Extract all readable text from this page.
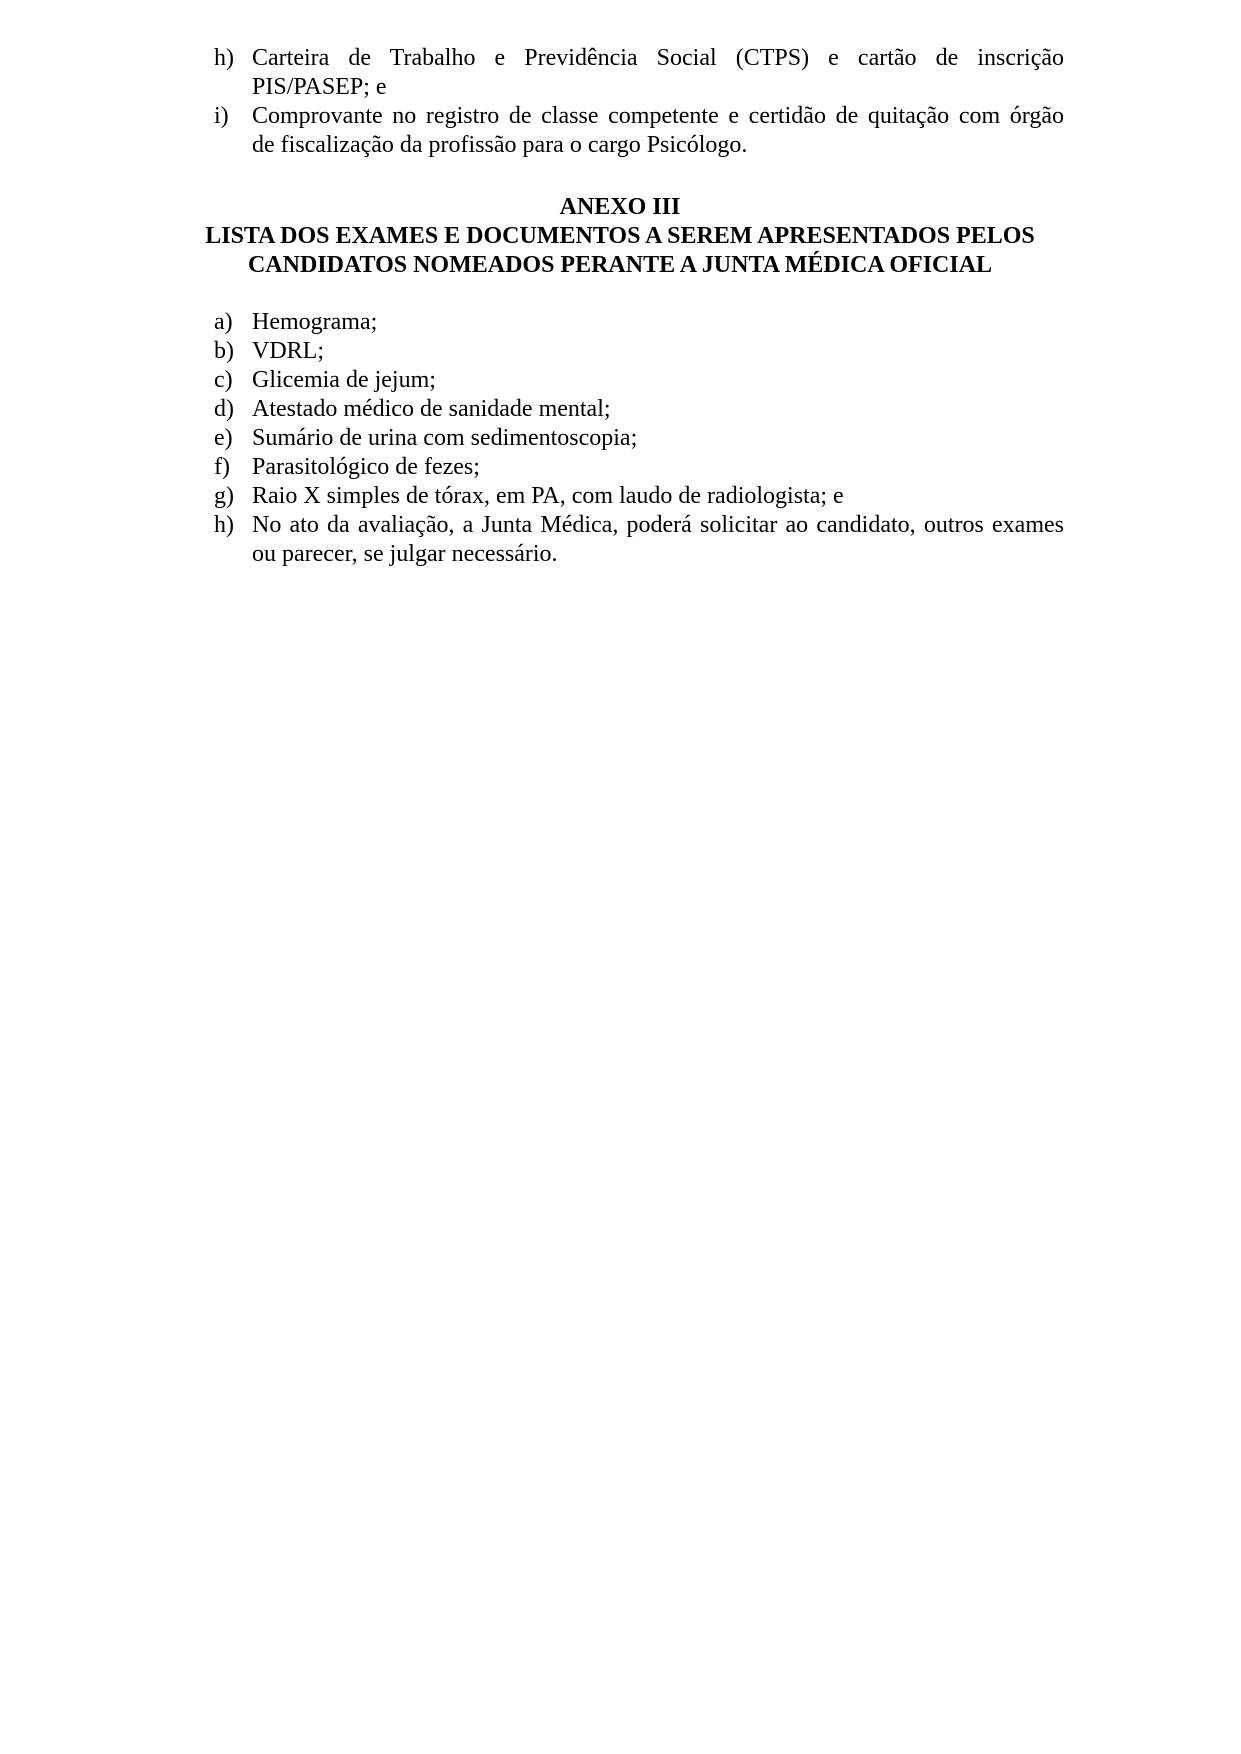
h) Carteira de Trabalho e Previdência Social (CTPS) e cartão de inscrição
PIS/PASEP; e
i) Comprovante no registro de classe competente e certidão de quitação com órgão
de fiscalização da profissão para o cargo Psicólogo.
ANEXO III
LISTA DOS EXAMES E DOCUMENTOS A SEREM APRESENTADOS PELOS
CANDIDATOS NOMEADOS PERANTE A JUNTA MÉDICA OFICIAL
a) Hemograma;
b) VDRL;
c) Glicemia de jejum;
d) Atestado médico de sanidade mental;
e) Sumário de urina com sedimentoscopia;
f) Parasitológico de fezes;
g) Raio X simples de tórax, em PA, com laudo de radiologista; e
h) No ato da avaliação, a Junta Médica, poderá solicitar ao candidato, outros exames
ou parecer, se julgar necessário.
